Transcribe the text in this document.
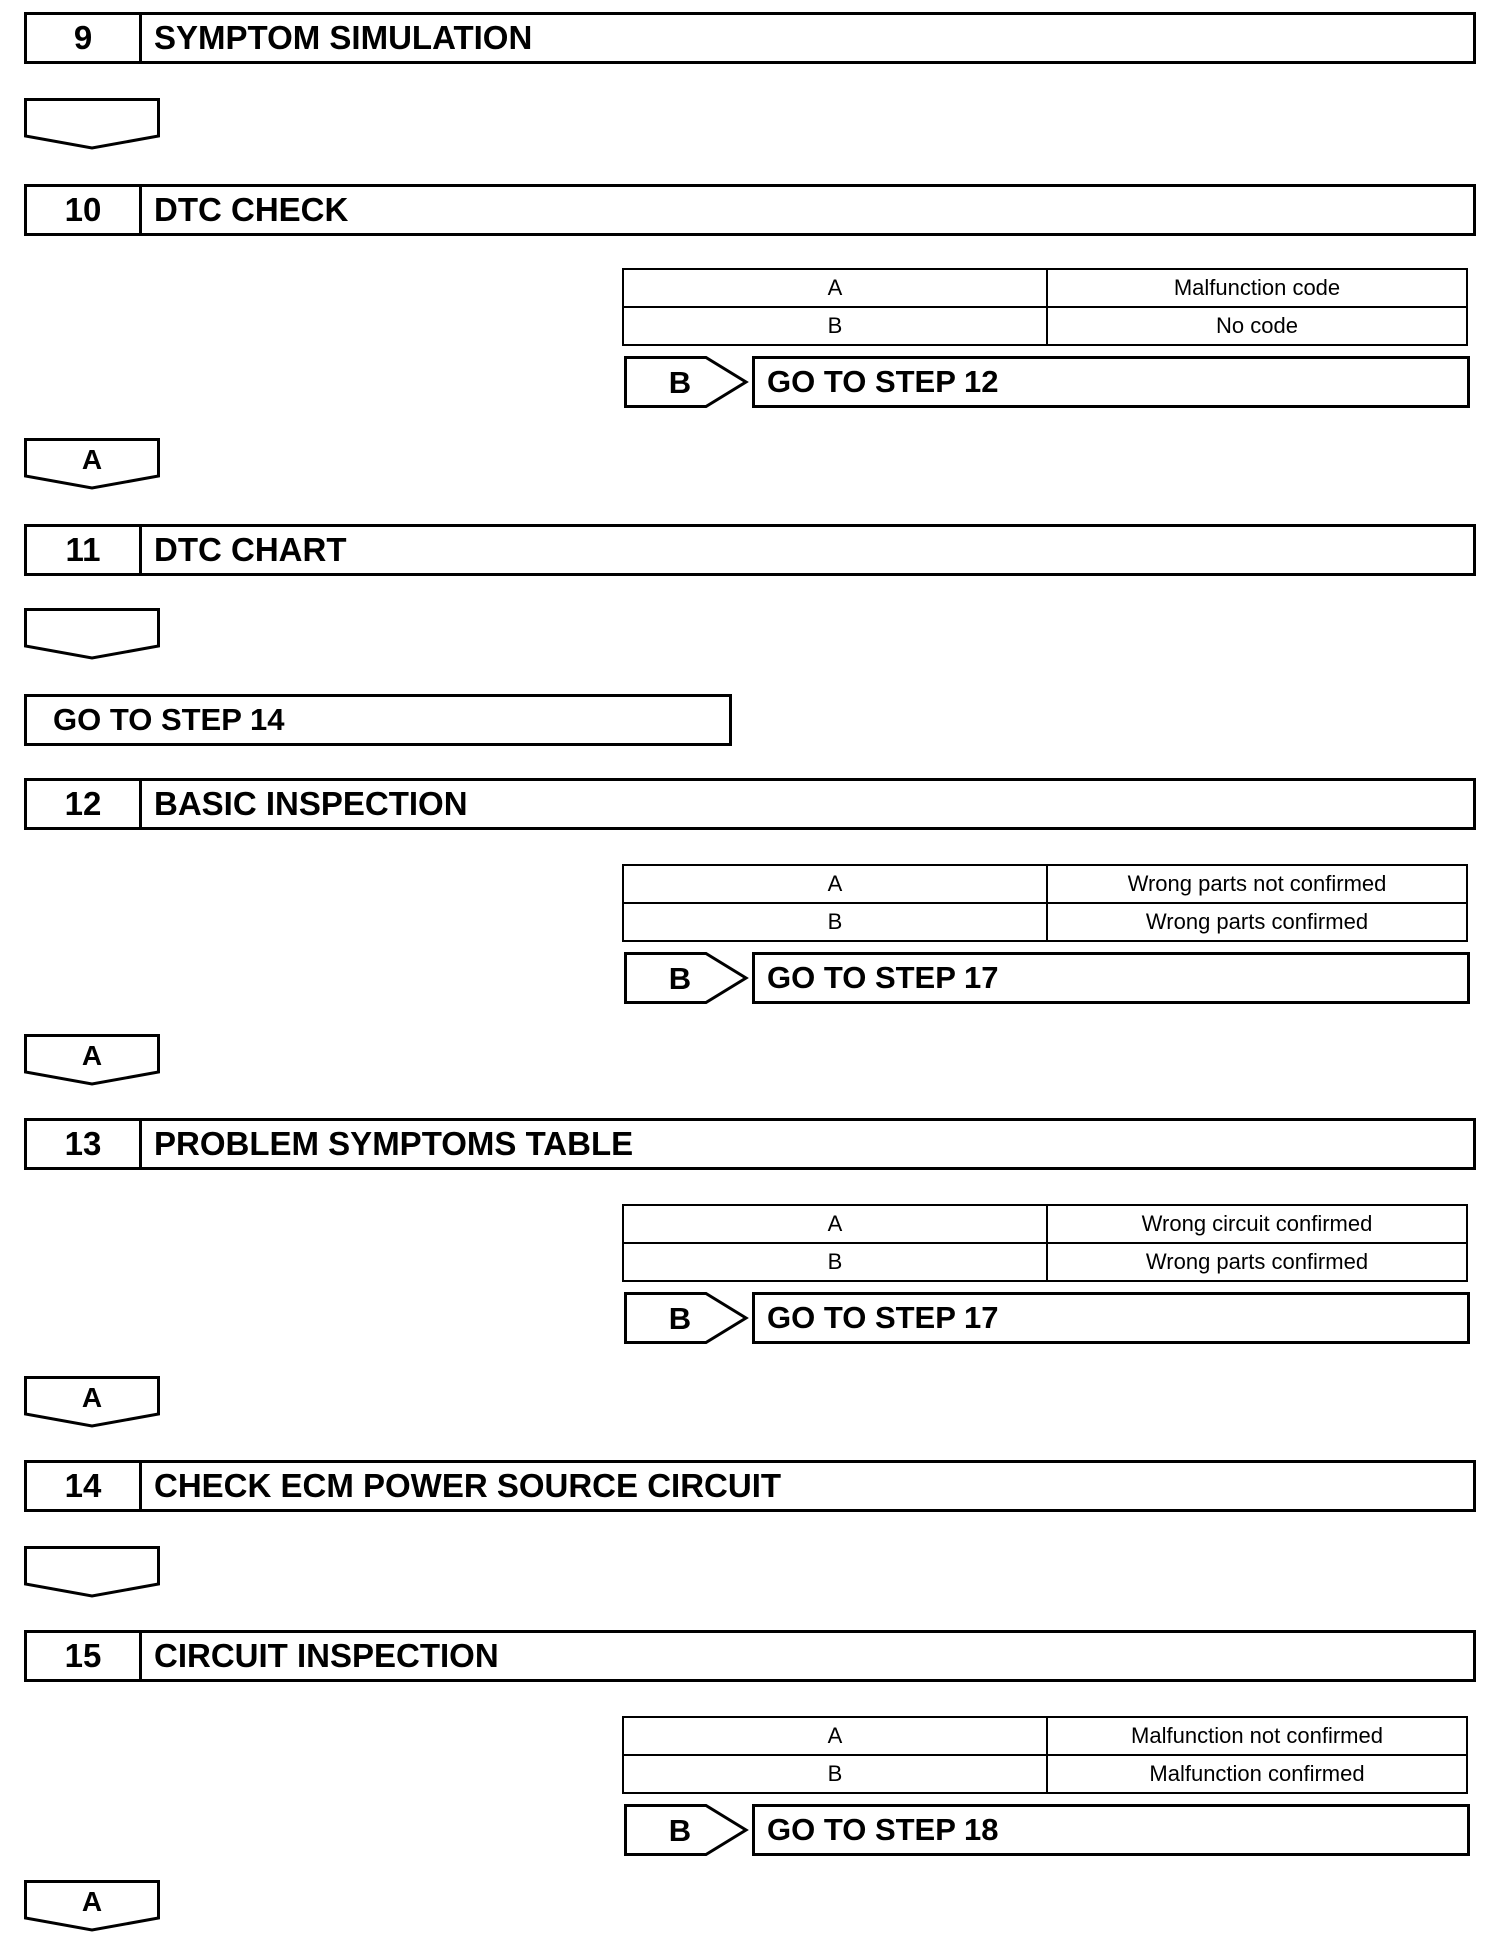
9	SYMPTOM SIMULATION
10	DTC CHECK
A	Malfunction code
B	No code
B	GO TO STEP 12
A
11	DTC CHART
GO TO STEP 14
12	BASIC INSPECTION
A	Wrong parts not confirmed
B	Wrong parts confirmed
B	GO TO STEP 17
A
13	PROBLEM SYMPTOMS TABLE
A	Wrong circuit confirmed
B	Wrong parts confirmed
B	GO TO STEP 17
A
14	CHECK ECM POWER SOURCE CIRCUIT
15	CIRCUIT INSPECTION
A	Malfunction not confirmed
B	Malfunction confirmed
B	GO TO STEP 18
A
